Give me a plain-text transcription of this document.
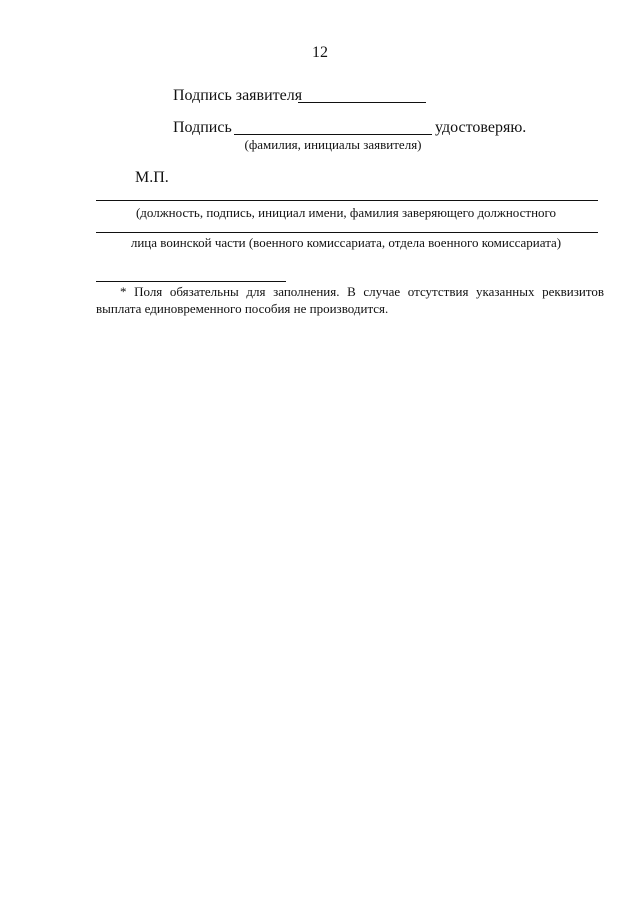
12
Подпись заявителя
Подпись	удостоверяю.
(фамилия, инициалы заявителя)
М.П.
(должность, подпись, инициал имени, фамилия заверяющего должностного
лица воинской части (военного комиссариата, отдела военного комиссариата)
* Поля обязательны для заполнения. В случае отсутствия указанных реквизитов выплата единовременного пособия не производится.
